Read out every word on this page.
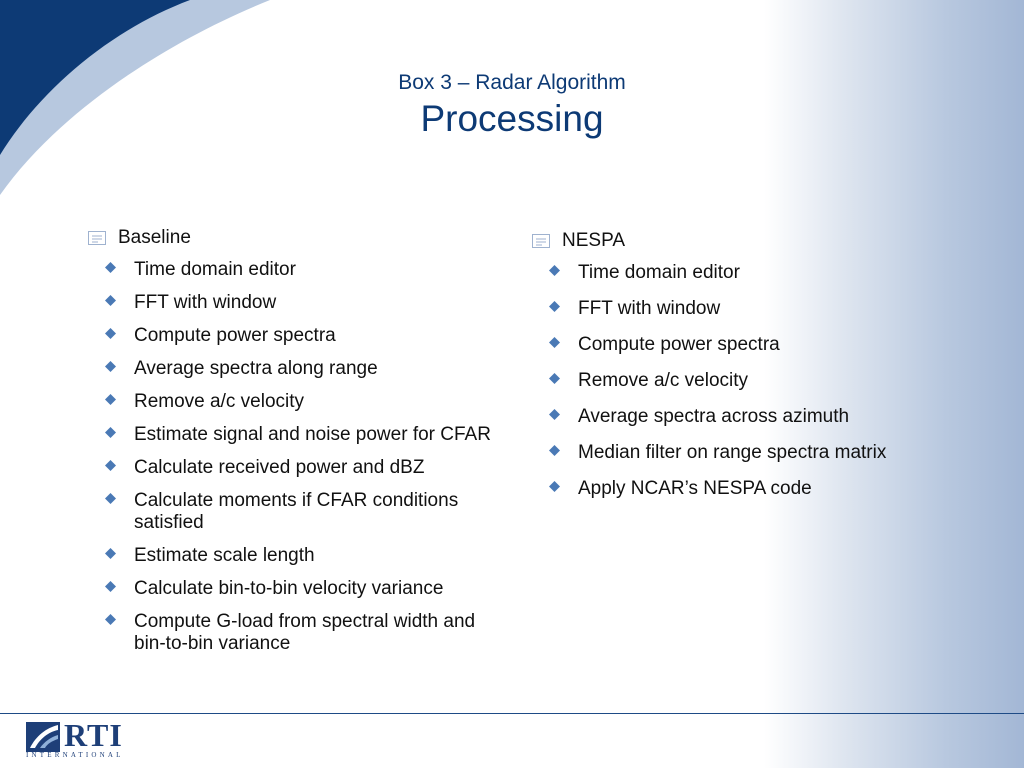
Box 3 – Radar Algorithm
Processing
Baseline
Time domain editor
FFT with window
Compute power spectra
Average spectra along range
Remove a/c velocity
Estimate signal and noise power for CFAR
Calculate received power and dBZ
Calculate moments if CFAR conditions satisfied
Estimate scale length
Calculate bin-to-bin velocity variance
Compute G-load from spectral width and bin-to-bin variance
NESPA
Time domain editor
FFT with window
Compute power spectra
Remove a/c velocity
Average spectra across azimuth
Median filter on range spectra matrix
Apply NCAR’s NESPA code
RTI
INTERNATIONAL
